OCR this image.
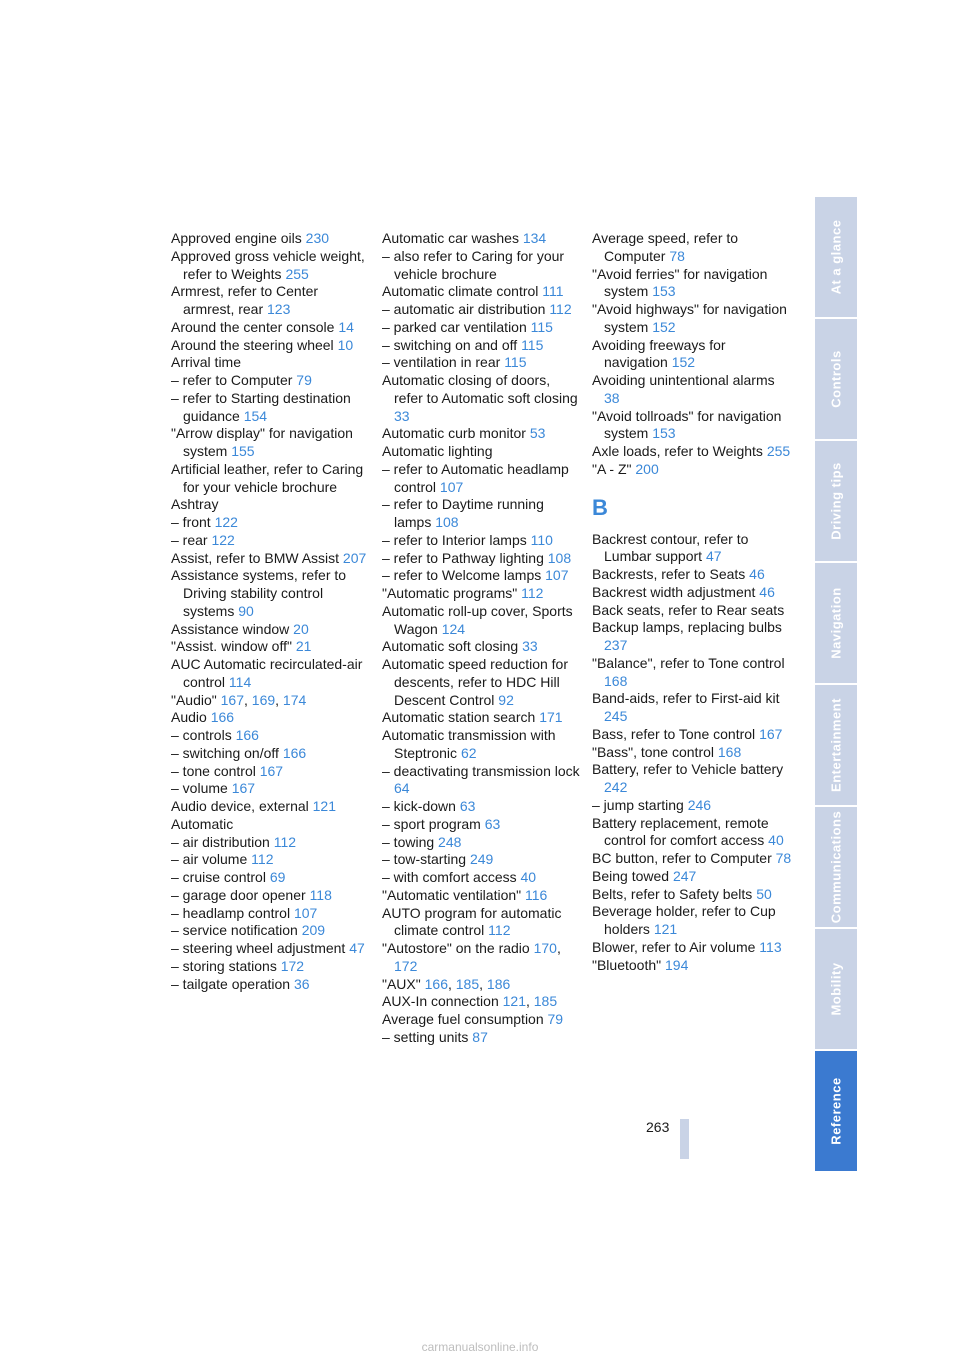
Approved engine oils 230
Approved gross vehicle weight, refer to Weights 255
Armrest, refer to Center armrest, rear 123
Around the center console 14
Around the steering wheel 10
Arrival time
– refer to Computer 79
– refer to Starting destination guidance 154
"Arrow display" for navigation system 155
Artificial leather, refer to Caring for your vehicle brochure
Ashtray
– front 122
– rear 122
Assist, refer to BMW Assist 207
Assistance systems, refer to Driving stability control systems 90
Assistance window 20
"Assist. window off" 21
AUC Automatic recirculated-air control 114
"Audio" 167, 169, 174
Audio 166
– controls 166
– switching on/off 166
– tone control 167
– volume 167
Audio device, external 121
Automatic
– air distribution 112
– air volume 112
– cruise control 69
– garage door opener 118
– headlamp control 107
– service notification 209
– steering wheel adjustment 47
– storing stations 172
– tailgate operation 36
Automatic car washes 134
– also refer to Caring for your vehicle brochure
Automatic climate control 111
– automatic air distribution 112
– parked car ventilation 115
– switching on and off 115
– ventilation in rear 115
Automatic closing of doors, refer to Automatic soft closing 33
Automatic curb monitor 53
Automatic lighting
– refer to Automatic headlamp control 107
– refer to Daytime running lamps 108
– refer to Interior lamps 110
– refer to Pathway lighting 108
– refer to Welcome lamps 107
"Automatic programs" 112
Automatic roll-up cover, Sports Wagon 124
Automatic soft closing 33
Automatic speed reduction for descents, refer to HDC Hill Descent Control 92
Automatic station search 171
Automatic transmission with Steptronic 62
– deactivating transmission lock 64
– kick-down 63
– sport program 63
– towing 248
– tow-starting 249
– with comfort access 40
"Automatic ventilation" 116
AUTO program for automatic climate control 112
"Autostore" on the radio 170, 172
"AUX" 166, 185, 186
AUX-In connection 121, 185
Average fuel consumption 79
– setting units 87
Average speed, refer to Computer 78
"Avoid ferries" for navigation system 153
"Avoid highways" for navigation system 152
Avoiding freeways for navigation 152
Avoiding unintentional alarms 38
"Avoid tollroads" for navigation system 153
Axle loads, refer to Weights 255
"A - Z" 200
B
Backrest contour, refer to Lumbar support 47
Backrests, refer to Seats 46
Backrest width adjustment 46
Back seats, refer to Rear seats
Backup lamps, replacing bulbs 237
"Balance", refer to Tone control 168
Band-aids, refer to First-aid kit 245
Bass, refer to Tone control 167
"Bass", tone control 168
Battery, refer to Vehicle battery 242
– jump starting 246
Battery replacement, remote control for comfort access 40
BC button, refer to Computer 78
Being towed 247
Belts, refer to Safety belts 50
Beverage holder, refer to Cup holders 121
Blower, refer to Air volume 113
"Bluetooth" 194
At a glance
Controls
Driving tips
Navigation
Entertainment
Communications
Mobility
Reference
263
carmanualsonline.info
